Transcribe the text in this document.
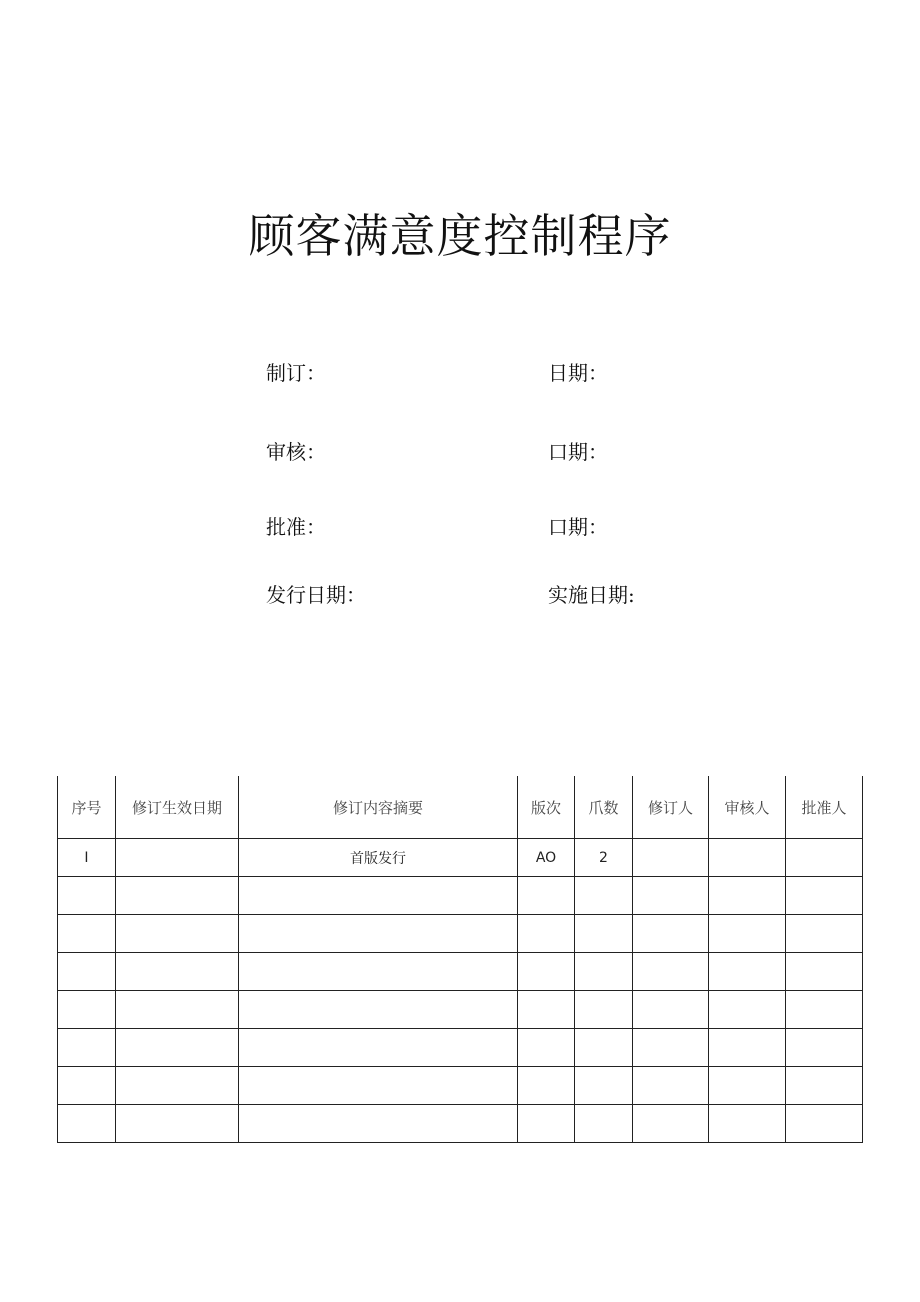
顾客满意度控制程序
制订：	日期：
审核：	口期：
批准：	口期：
发行日期：	实施日期:
序号	修订生效日期	修订内容摘要	版次	爪数	修订人	审核人	批准人
I		首版发行	AO	2			
